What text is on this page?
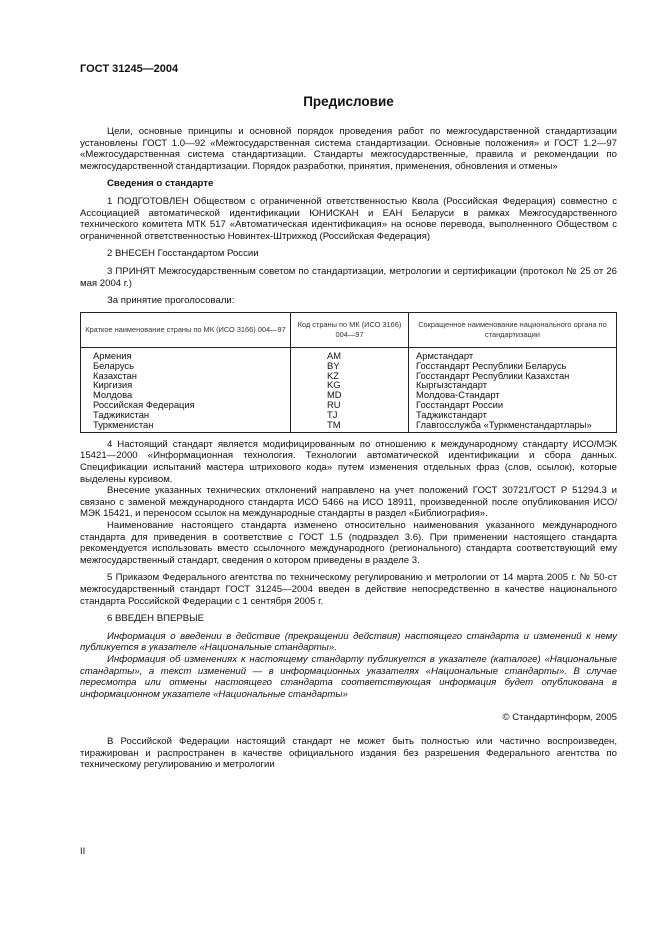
ГОСТ 31245—2004
Предисловие

Цели, основные принципы и основной порядок проведения работ по межгосударственной стандартизации установлены ГОСТ 1.0—92 «Межгосударственная система стандартизации. Основные положения» и ГОСТ 1.2—97 «Межгосударственная система стандартизации. Стандарты межгосударственные, правила и рекомендации по межгосударственной стандартизации. Порядок разработки, принятия, применения, обновления и отмены»

Сведения о стандарте

1 ПОДГОТОВЛЕН Обществом с ограниченной ответственностью Квола (Российская Федерация) совместно с Ассоциацией автоматической идентификации ЮНИСКАН и ЕАН Беларуси в рамках Межгосударственного технического комитета МТК 517 «Автоматическая идентификация» на основе перевода, выполненного Обществом с ограниченной ответственностью Новинтех-Штрихкод (Российская Федерация)

2 ВНЕСЕН Госстандартом России

3 ПРИНЯТ Межгосударственным советом по стандартизации, метрологии и сертификации (протокол № 25 от 26 мая 2004 г.)

За принятие проголосовали:

Краткое наименование страны по МК (ИСО 3166) 004—97
Код страны по МК (ИСО 3166) 004—97
Сокращенное наименование национального органа по стандартизации
Армения
Беларусь
Казахстан
Киргизия
Молдова
Российская Федерация
Таджикистан
Туркменистан
AM
BY
KZ
KG
MD
RU
TJ
TM
Армстандарт
Госстандарт Республики Беларусь
Госстандарт Республики Казахстан
Кыргызстандарт
Молдова-Стандарт
Госстандарт России
Таджикстандарт
Главгосслужба «Туркменстандартлары»

4 Настоящий стандарт является модифицированным по отношению к международному стандарту ИСО/МЭК 15421—2000 «Информационная технология. Технологии автоматической идентификации и сбора данных. Спецификации испытаний мастера штрихового кода» путем изменения отдельных фраз (слов, ссылок), которые выделены курсивом.

Внесение указанных технических отклонений направлено на учет положений ГОСТ 30721/ГОСТ Р 51294.3 и связано с заменой международного стандарта ИСО 5466 на ИСО 18911, произведенной после опубликования ИСО/МЭК 15421, и переносом ссылок на международные стандарты в раздел «Библиография».

Наименование настоящего стандарта изменено относительно наименования указанного международного стандарта для приведения в соответствие с ГОСТ 1.5 (подраздел 3.6). При применении настоящего стандарта рекомендуется использовать вместо ссылочного международного (регионального) стандарта соответствующий ему межгосударственный стандарт, сведения о котором приведены в разделе 3.

5 Приказом Федерального агентства по техническому регулированию и метрологии от 14 марта 2005 г. № 50-ст межгосударственный стандарт ГОСТ 31245—2004 введен в действие непосредственно в качестве национального стандарта Российской Федерации с 1 сентября 2005 г.

6 ВВЕДЕН ВПЕРВЫЕ

Информация о введении в действие (прекращении действия) настоящего стандарта и изменений к нему публикуется в указателе «Национальные стандарты».

Информация об изменениях к настоящему стандарту публикуется в указателе (каталоге) «Национальные стандарты», а текст изменений — в информационных указателях «Национальные стандарты». В случае пересмотра или отмены настоящего стандарта соответствующая информация будет опубликована в информационном указателе «Национальные стандарты»

© Стандартинформ, 2005

В Российской Федерации настоящий стандарт не может быть полностью или частично воспроизведен, тиражирован и распространен в качестве официального издания без разрешения Федерального агентства по техническому регулированию и метрологии

II
